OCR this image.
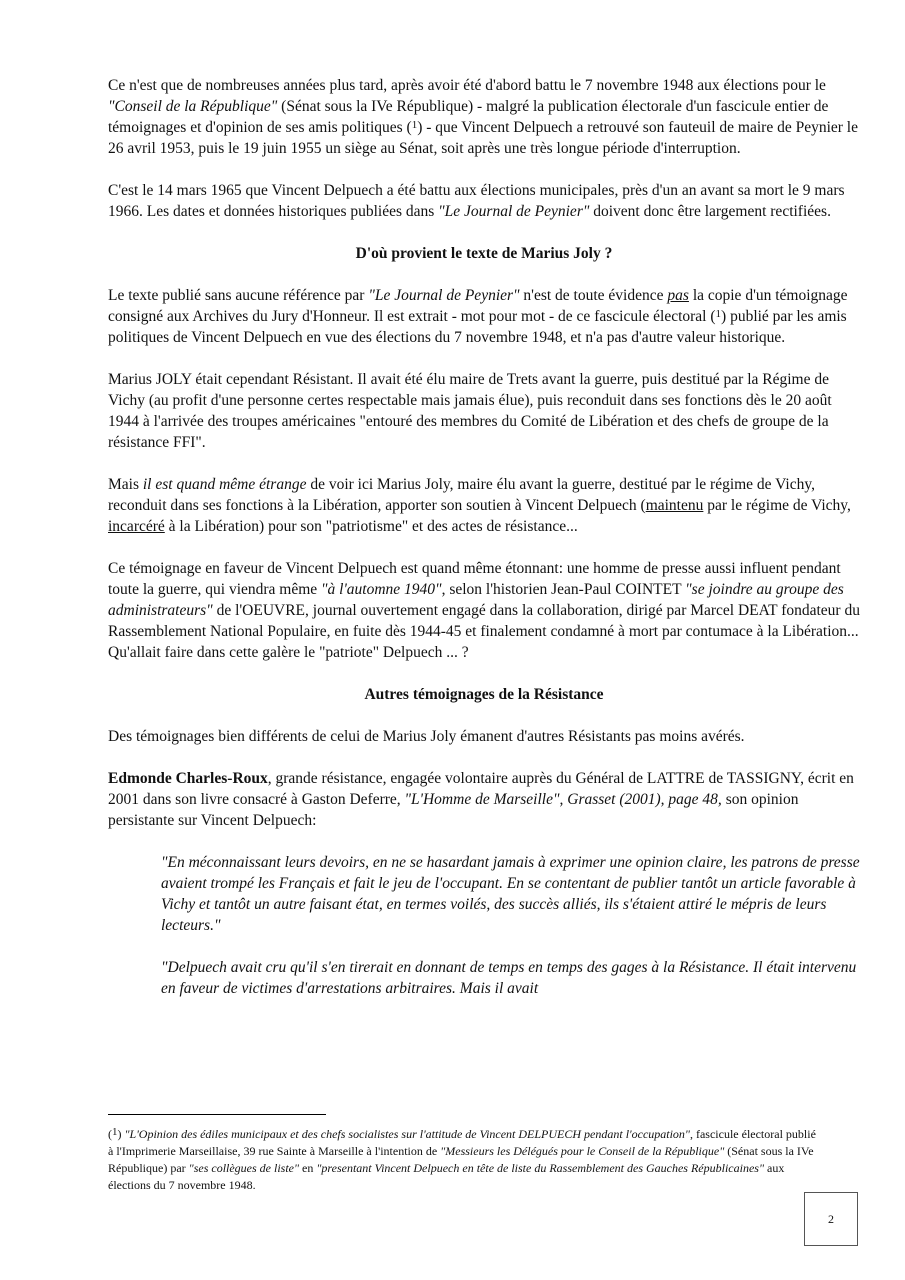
Ce n'est que de nombreuses années plus tard, après avoir été d'abord battu le 7 novembre 1948 aux élections pour le "Conseil de la République" (Sénat sous la IVe République) - malgré la publication électorale d'un fascicule entier de témoignages et d'opinion de ses amis politiques ($^1$) - que Vincent Delpuech a retrouvé son fauteuil de maire de Peynier le 26 avril 1953, puis le 19 juin 1955 un siège au Sénat, soit après une très longue période d'interruption.

C'est le 14 mars 1965 que Vincent Delpuech a été battu aux élections municipales, près d'un an avant sa mort le 9 mars 1966. Les dates et données historiques publiées dans "Le Journal de Peynier" doivent donc être largement rectifiées.

D'où provient le texte de Marius Joly ?

Le texte publié sans aucune référence par "Le Journal de Peynier" n'est de toute évidence pas la copie d'un témoignage consigné aux Archives du Jury d'Honneur. Il est extrait - mot pour mot - de ce fascicule électoral ($^1$) publié par les amis politiques de Vincent Delpuech en vue des élections du 7 novembre 1948, et n'a pas d'autre valeur historique.

Marius JOLY était cependant Résistant. Il avait été élu maire de Trets avant la guerre, puis destitué par la Régime de Vichy (au profit d'une personne certes respectable mais jamais élue), puis reconduit dans ses fonctions dès le 20 août 1944 à l'arrivée des troupes américaines "entouré des membres du Comité de Libération et des chefs de groupe de la résistance FFI".

Mais il est quand même étrange de voir ici Marius Joly, maire élu avant la guerre, destitué par le régime de Vichy, reconduit dans ses fonctions à la Libération, apporter son soutien à Vincent Delpuech (maintenu par le régime de Vichy, incarcéré à la Libération) pour son "patriotisme" et des actes de résistance...

Ce témoignage en faveur de Vincent Delpuech est quand même étonnant: une homme de presse aussi influent pendant toute la guerre, qui viendra même "à l'automne 1940", selon l'historien Jean-Paul COINTET "se joindre au groupe des administrateurs" de l'OEUVRE, journal ouvertement engagé dans la collaboration, dirigé par Marcel DEAT fondateur du Rassemblement National Populaire, en fuite dès 1944-45 et finalement condamné à mort par contumace à la Libération... Qu'allait faire dans cette galère le "patriote" Delpuech ... ?

Autres témoignages de la Résistance

Des témoignages bien différents de celui de Marius Joly émanent d'autres Résistants pas moins avérés.

Edmonde Charles-Roux, grande résistance, engagée volontaire auprès du Général de LATTRE de TASSIGNY, écrit en 2001 dans son livre consacré à Gaston Deferre, "L'Homme de Marseille", Grasset (2001), page 48, son opinion persistante sur Vincent Delpuech:

"En méconnaissant leurs devoirs, en ne se hasardant jamais à exprimer une opinion claire, les patrons de presse avaient trompé les Français et fait le jeu de l'occupant. En se contentant de publier tantôt un article favorable à Vichy et tantôt un autre faisant état, en termes voilés, des succès alliés, ils s'étaient attiré le mépris de leurs lecteurs."

"Delpuech avait cru qu'il s'en tirerait en donnant de temps en temps des gages à la Résistance. Il était intervenu en faveur de victimes d'arrestations arbitraires. Mais il avait

($^1$) "L'Opinion des édiles municipaux et des chefs socialistes sur l'attitude de Vincent DELPUECH pendant l'occupation", fascicule électoral publié à l'Imprimerie Marseillaise, 39 rue Sainte à Marseille à l'intention de "Messieurs les Délégués pour le Conseil de la République" (Sénat sous la IVe République) par "ses collègues de liste" en "presentant Vincent Delpuech en tête de liste du Rassemblement des Gauches Républicaines" aux élections du 7 novembre 1948.
2
